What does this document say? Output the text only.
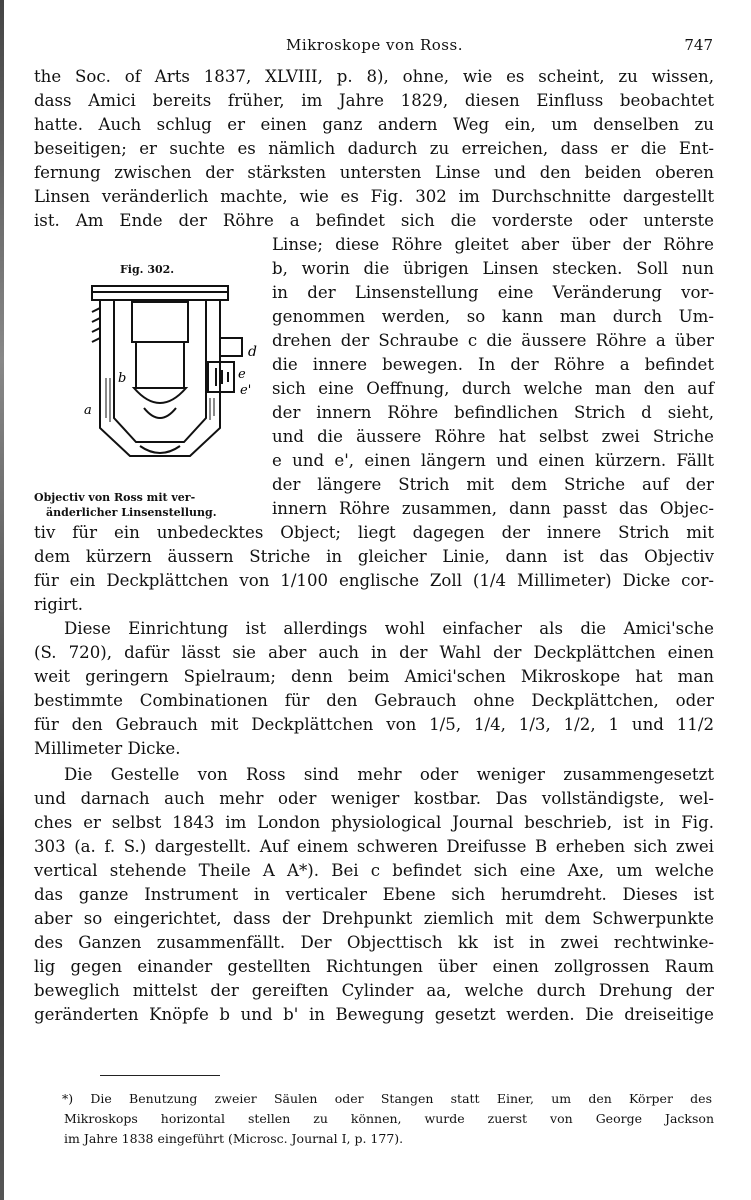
Mikroskope von Ross.	747
the Soc. of Arts 1837, XLVIII, p. 8), ohne, wie es scheint, zu wissen,
dass Amici bereits früher, im Jahre 1829, diesen Einfluss beobachtet
hatte. Auch schlug er einen ganz andern Weg ein, um denselben zu
beseitigen; er suchte es nämlich dadurch zu erreichen, dass er die Ent-
fernung zwischen der stärksten untersten Linse und den beiden oberen
Linsen veränderlich machte, wie es Fig. 302 im Durchschnitte dargestellt
ist. Am Ende der Röhre a befindet sich die vorderste oder unterste
Fig. 302.
d
e
e'
b
a
Objectiv von Ross mit ver-
änderlicher Linsenstellung.
Linse; diese Röhre gleitet aber über der Röhre
b, worin die übrigen Linsen stecken. Soll nun
in der Linsenstellung eine Veränderung vor-
genommen werden, so kann man durch Um-
drehen der Schraube c die äussere Röhre a über
die innere bewegen. In der Röhre a befindet
sich eine Oeffnung, durch welche man den auf
der innern Röhre befindlichen Strich d sieht,
und die äussere Röhre hat selbst zwei Striche
e und e', einen längern und einen kürzern. Fällt
der längere Strich mit dem Striche auf der
innern Röhre zusammen, dann passt das Objec-
tiv für ein unbedecktes Object; liegt dagegen der innere Strich mit
dem kürzern äussern Striche in gleicher Linie, dann ist das Objectiv
für ein Deckplättchen von 1/100 englische Zoll (1/4 Millimeter) Dicke cor-
rigirt.
Diese Einrichtung ist allerdings wohl einfacher als die Amici'sche
(S. 720), dafür lässt sie aber auch in der Wahl der Deckplättchen einen
weit geringern Spielraum; denn beim Amici'schen Mikroskope hat man
bestimmte Combinationen für den Gebrauch ohne Deckplättchen, oder
für den Gebrauch mit Deckplättchen von 1/5, 1/4, 1/3, 1/2, 1 und 11/2
Millimeter Dicke.
Die Gestelle von Ross sind mehr oder weniger zusammengesetzt
und darnach auch mehr oder weniger kostbar. Das vollständigste, wel-
ches er selbst 1843 im London physiological Journal beschrieb, ist in Fig.
303 (a. f. S.) dargestellt. Auf einem schweren Dreifusse B erheben sich zwei
vertical stehende Theile A A*). Bei c befindet sich eine Axe, um welche
das ganze Instrument in verticaler Ebene sich herumdreht. Dieses ist
aber so eingerichtet, dass der Drehpunkt ziemlich mit dem Schwerpunkte
des Ganzen zusammenfällt. Der Objecttisch kk ist in zwei rechtwinke-
lig gegen einander gestellten Richtungen über einen zollgrossen Raum
beweglich mittelst der gereiften Cylinder aa, welche durch Drehung der
geränderten Knöpfe b und b' in Bewegung gesetzt werden. Die dreiseitige
*) Die Benutzung zweier Säulen oder Stangen statt Einer, um den Körper des
Mikroskops horizontal stellen zu können, wurde zuerst von George Jackson
im Jahre 1838 eingeführt (Microsc. Journal I, p. 177).
